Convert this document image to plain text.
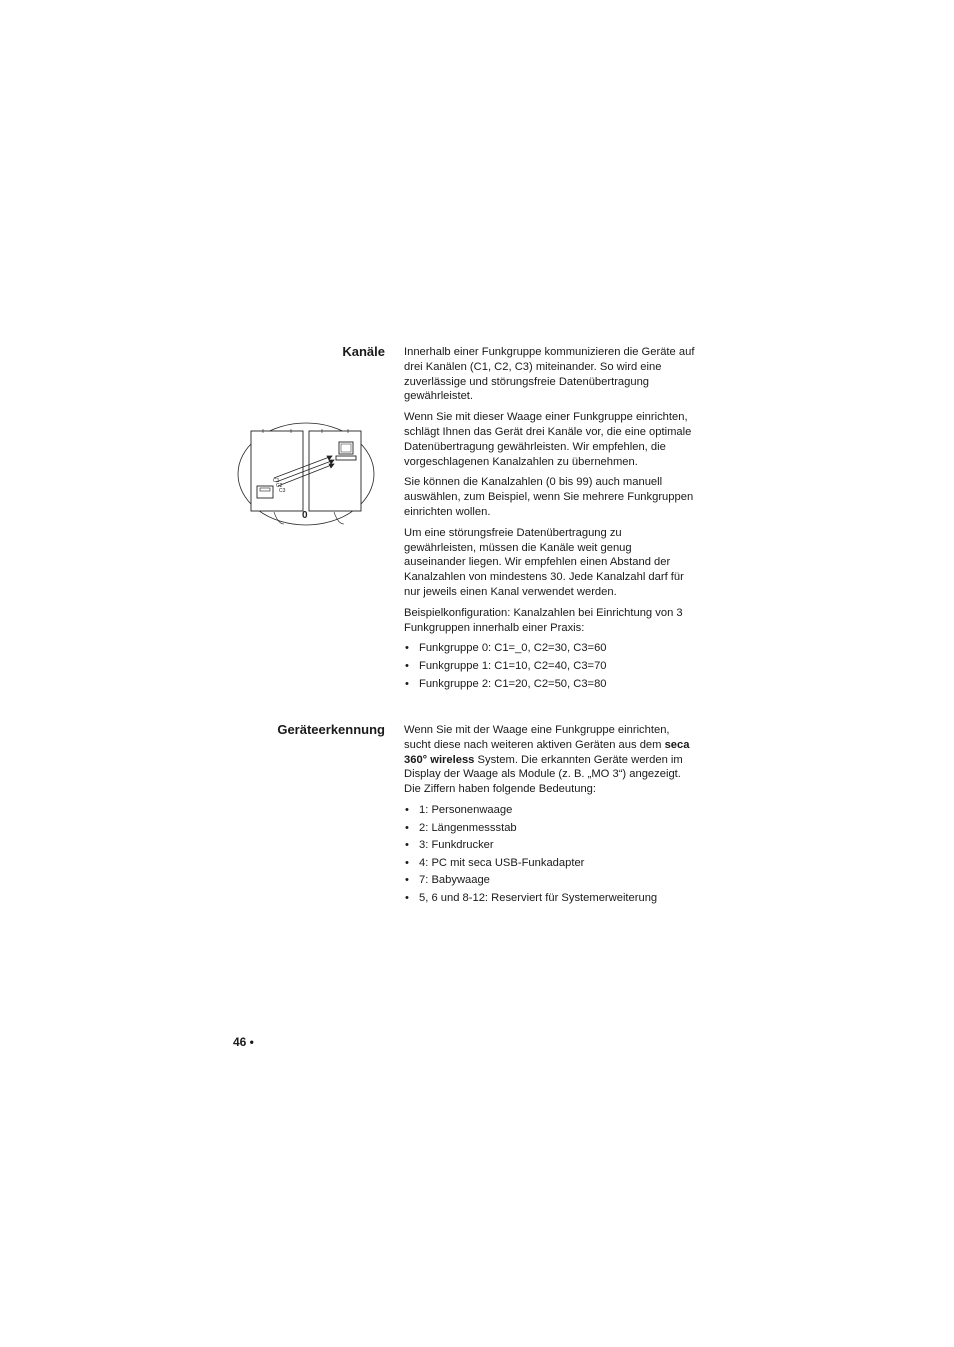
Kanäle Innerhalb einer Funkgruppe kommunizieren die Geräte auf drei Kanälen (C1, C2, C3) miteinander. So wird eine zuverlässige und störungsfreie Datenübertragung gewährleistet.

Wenn Sie mit dieser Waage einer Funkgruppe einrichten, schlägt Ihnen das Gerät drei Kanäle vor, die eine optimale Datenübertragung gewährleisten. Wir empfehlen, die vorgeschlagenen Kanalzahlen zu übernehmen.

Sie können die Kanalzahlen (0 bis 99) auch manuell auswählen, zum Beispiel, wenn Sie mehrere Funkgruppen einrichten wollen.

Um eine störungsfreie Datenübertragung zu gewährleisten, müssen die Kanäle weit genug auseinander liegen. Wir empfehlen einen Abstand der Kanalzahlen von mindestens 30. Jede Kanalzahl darf für nur jeweils einen Kanal verwendet werden.

Beispielkonfiguration: Kanalzahlen bei Einrichtung von 3 Funkgruppen innerhalb einer Praxis:

• Funkgruppe 0: C1=_0, C2=30, C3=60
• Funkgruppe 1: C1=10, C2=40, C3=70
• Funkgruppe 2: C1=20, C2=50, C3=80
C1
C2
C3
0
Geräteerkennung Wenn Sie mit der Waage eine Funkgruppe einrichten, sucht diese nach weiteren aktiven Geräten aus dem seca 360° wireless System. Die erkannten Geräte werden im Display der Waage als Module (z. B. „MO 3“) angezeigt. Die Ziffern haben folgende Bedeutung:

• 1: Personenwaage
• 2: Längenmessstab
• 3: Funkdrucker
• 4: PC mit seca USB-Funkadapter
• 7: Babywaage
• 5, 6 und 8-12: Reserviert für Systemerweiterung
46 •
